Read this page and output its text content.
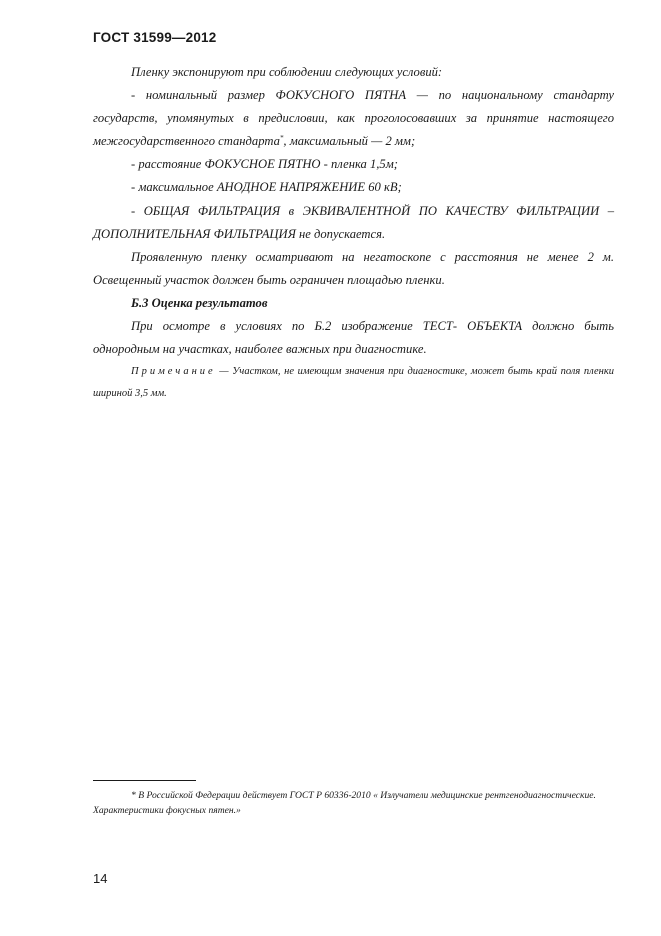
ГОСТ 31599—2012

Пленку экспонируют при соблюдении следующих условий:

- номинальный размер ФОКУСНОГО ПЯТНА — по национальному стандарту государств, упомянутых в предисловии, как проголосовавших за принятие настоящего межгосударственного стандарта*, максимальный — 2 мм;

- расстояние ФОКУСНОЕ ПЯТНО - пленка 1,5м;

- максимальное АНОДНОЕ НАПРЯЖЕНИЕ 60 кВ;

- ОБЩАЯ ФИЛЬТРАЦИЯ в ЭКВИВАЛЕНТНОЙ ПО КАЧЕСТВУ ФИЛЬТРАЦИИ – ДОПОЛНИТЕЛЬНАЯ ФИЛЬТРАЦИЯ не допускается.

Проявленную пленку осматривают на негатоскопе с расстояния не менее 2 м. Освещенный участок должен быть ограничен площадью пленки.

Б.3 Оценка результатов

При осмотре в условиях по Б.2 изображение ТЕСТ- ОБЪЕКТА должно быть однородным на участках, наиболее важных при диагностике.

Примечание — Участком, не имеющим значения при диагностике, может быть край поля пленки шириной 3,5 мм.

* В Российской Федерации действует ГОСТ Р 60336-2010 « Излучатели медицинские рентгенодиагностические. Характеристики фокусных пятен.»

14
